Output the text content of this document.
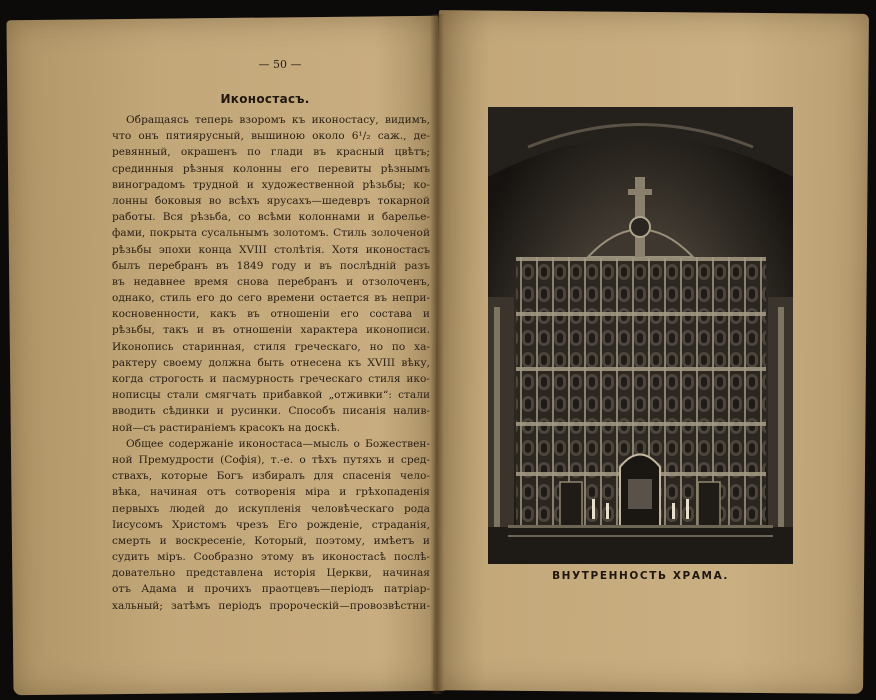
— 50 —
Иконостасъ.
Обращаясь теперь взоромъ къ иконостасу, видимъ,
что онъ пятиярусный, вышиною около 6¹/₂ саж., де-
ревянный, окрашенъ по глади въ красный цвѣтъ;
срединныя рѣзныя колонны его перевиты рѣзнымъ
виноградомъ трудной и художественной рѣзьбы; ко-
лонны боковыя во всѣхъ ярусахъ—шедевръ токарной
работы. Вся рѣзьба, со всѣми колоннами и барелье-
фами, покрыта сусальнымъ золотомъ. Стиль золоченой
рѣзьбы эпохи конца XVIII столѣтія. Хотя иконостасъ
былъ перебранъ въ 1849 году и въ послѣдній разъ
въ недавнее время снова перебранъ и отзолоченъ,
однако, стиль его до сего времени остается въ непри-
косновенности, какъ въ отношеніи его состава и
рѣзьбы, такъ и въ отношеніи характера иконописи.
Иконопись старинная, стиля греческаго, но по ха-
рактеру своему должна быть отнесена къ XVIII вѣку,
когда строгость и пасмурность греческаго стиля ико-
нописцы стали смягчать прибавкой „отживки“: стали
вводить сѣдинки и русинки. Способъ писанія налив-
ной—съ растираніемъ красокъ на доскѣ.
Общее содержаніе иконостаса—мысль о Божествен-
ной Премудрости (Софія), т.-е. о тѣхъ путяхъ и сред-
ствахъ, которые Богъ избиралъ для спасенія чело-
вѣка, начиная отъ сотворенія міра и грѣхопаденія
первыхъ людей до искупленія человѣческаго рода
Іисусомъ Христомъ чрезъ Его рожденіе, страданія,
смерть и воскресеніе, Который, поэтому, имѣетъ и
судить міръ. Сообразно этому въ иконостасѣ послѣ-
довательно представлена исторія Церкви, начиная
отъ Адама и прочихъ праотцевъ—періодъ патріар-
хальный; затѣмъ періодъ пророческій—провозвѣстни-
ВНУТРЕННОСТЬ ХРАМА.
